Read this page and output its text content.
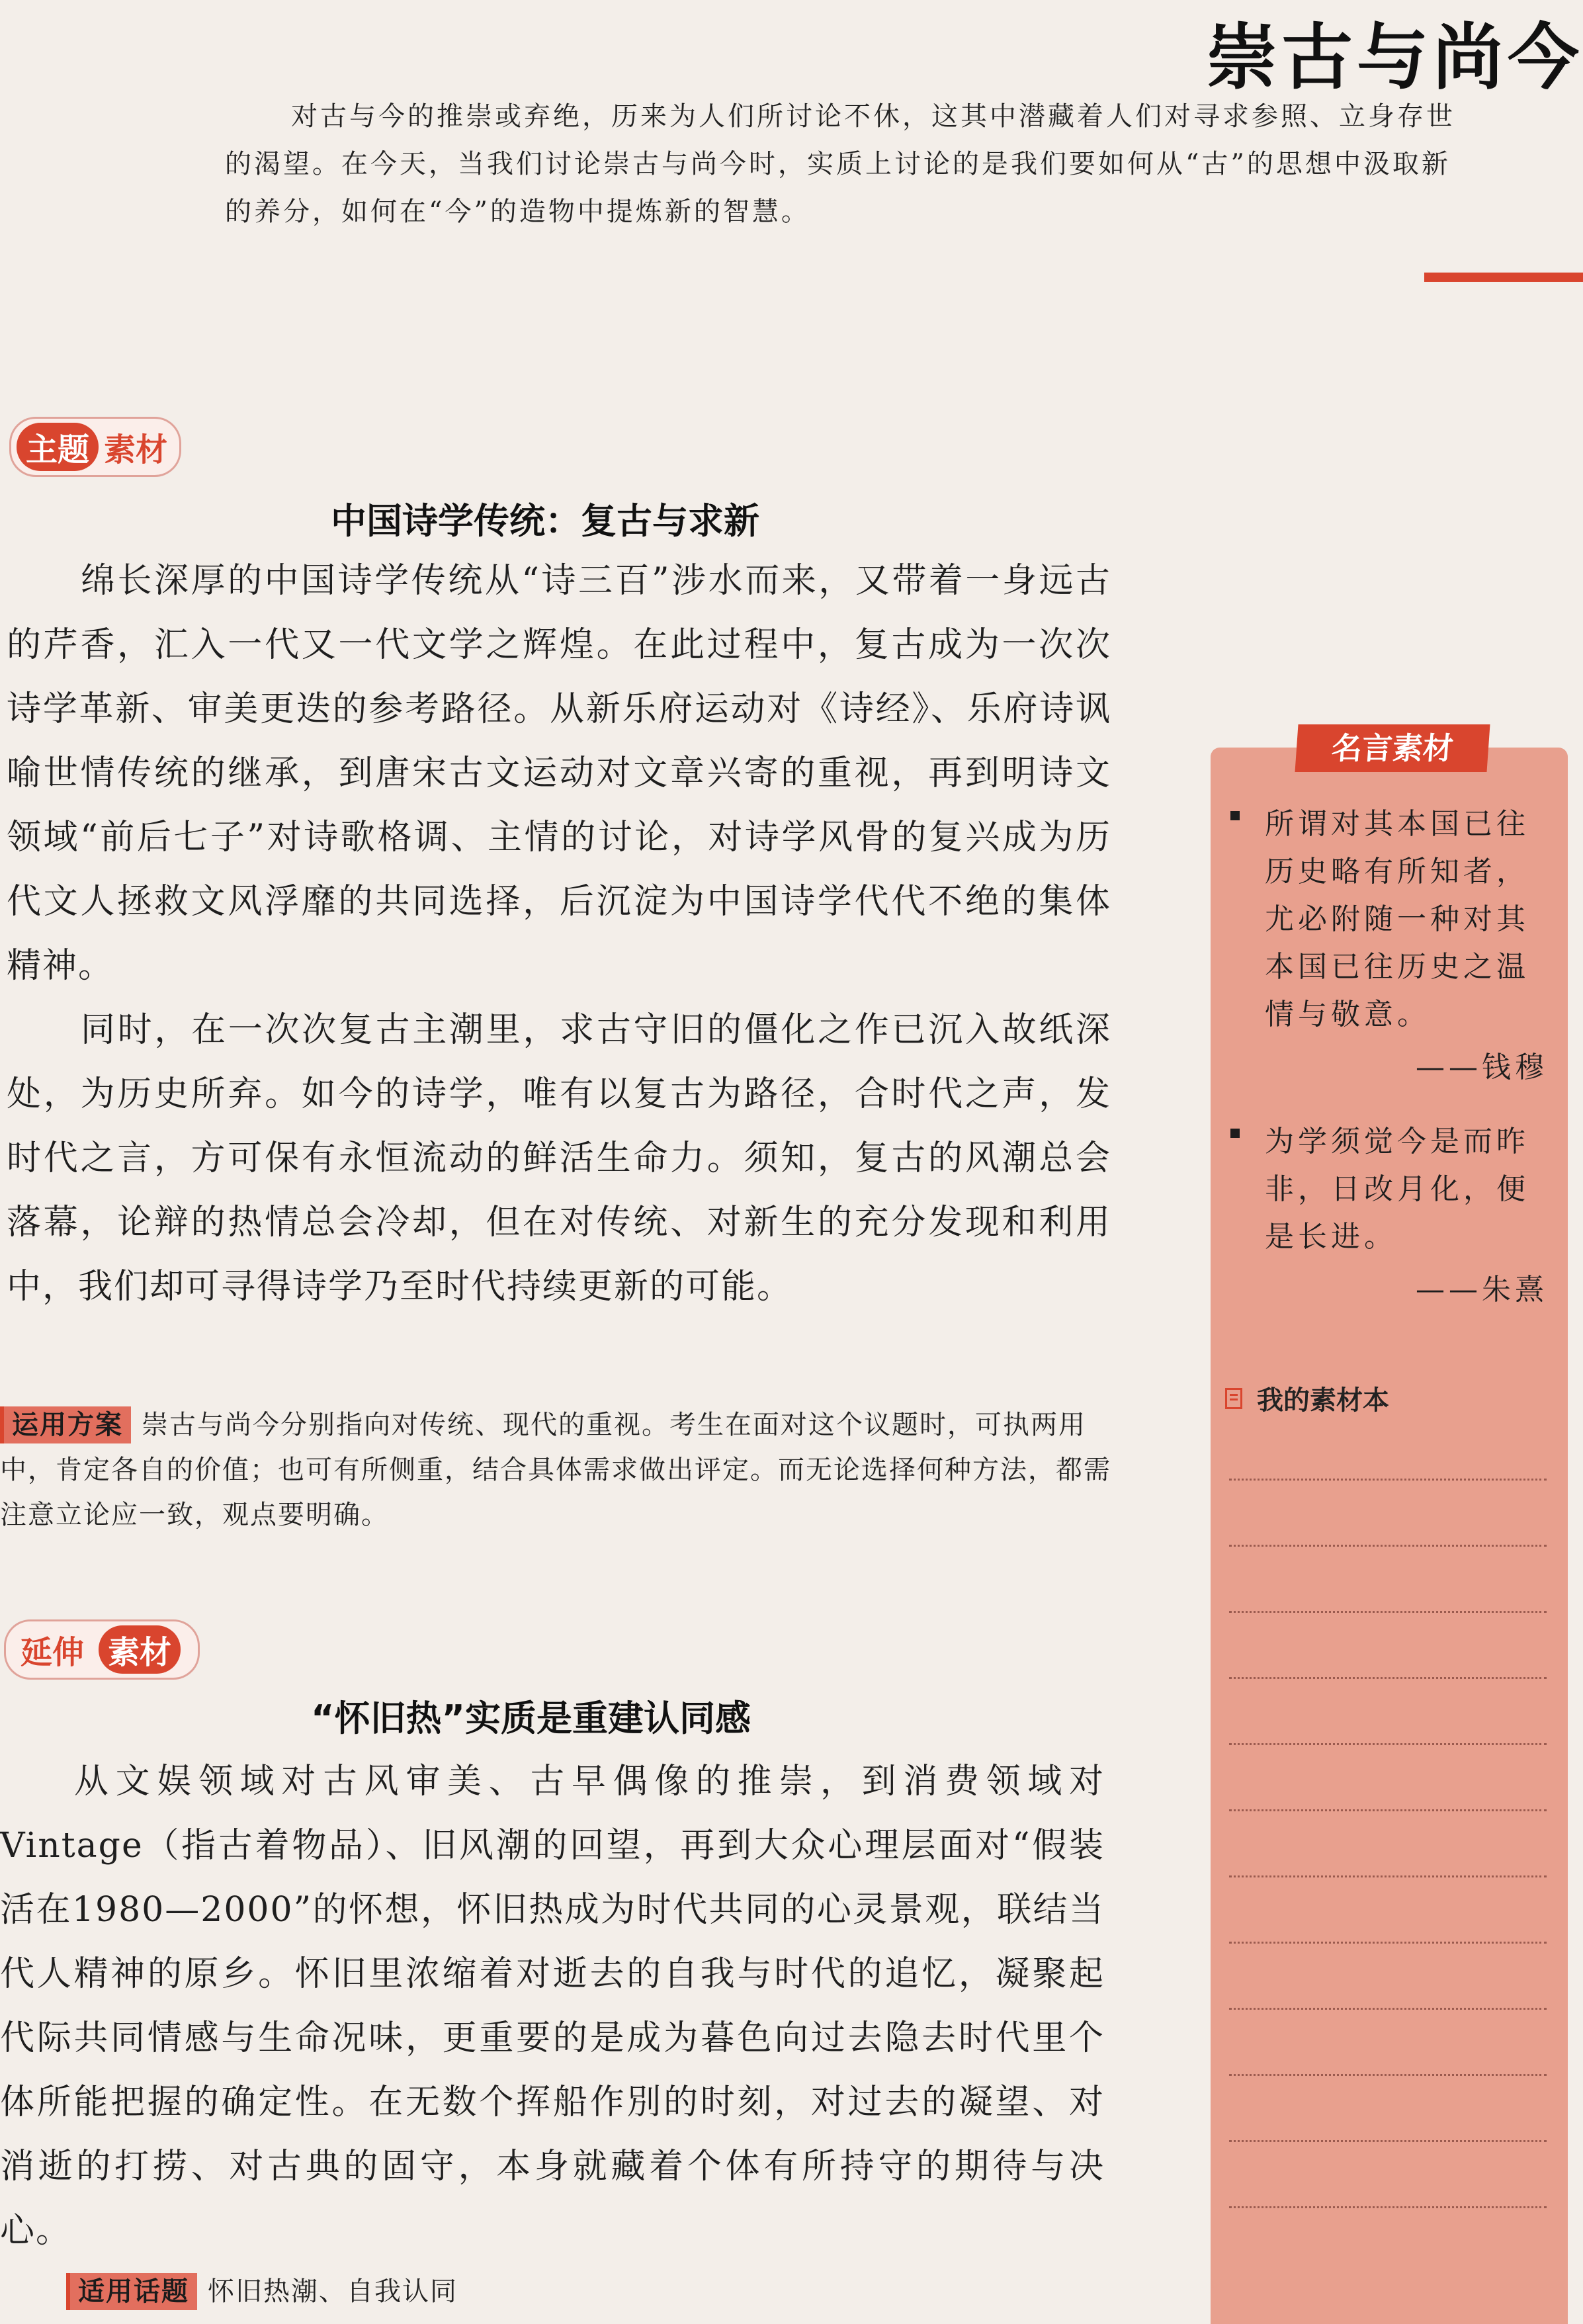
崇古与尚今
对古与今的推崇或弃绝，历来为人们所讨论不休，这其中潜藏着人们对寻求参照、立身存世
的渴望。在今天，当我们讨论崇古与尚今时，实质上讨论的是我们要如何从“古”的思想中汲取新
的养分，如何在“今”的造物中提炼新的智慧。
主题 素材
中国诗学传统：复古与求新

绵长深厚的中国诗学传统从“诗三百”涉水而来，又带着一身远古的芹香，汇入一代又一代文学之辉煌。在此过程中，复古成为一次次诗学革新、审美更迭的参考路径。从新乐府运动对《诗经》、乐府诗讽喻世情传统的继承，到唐宋古文运动对文章兴寄的重视，再到明诗文领域“前后七子”对诗歌格调、主情的讨论，对诗学风骨的复兴成为历代文人拯救文风浮靡的共同选择，后沉淀为中国诗学代代不绝的集体精神。

同时，在一次次复古主潮里，求古守旧的僵化之作已沉入故纸深处，为历史所弃。如今的诗学，唯有以复古为路径，合时代之声，发时代之言，方可保有永恒流动的鲜活生命力。须知，复古的风潮总会落幕，论辩的热情总会冷却，但在对传统、对新生的充分发现和利用中，我们却可寻得诗学乃至时代持续更新的可能。

运用方案 崇古与尚今分别指向对传统、现代的重视。考生在面对这个议题时，可执两用中，肯定各自的价值；也可有所侧重，结合具体需求做出评定。而无论选择何种方法，都需注意立论应一致，观点要明确。
延伸 素材
“怀旧热”实质是重建认同感

从文娱领域对古风审美、古早偶像的推崇，到消费领域对Vintage（指古着物品）、旧风潮的回望，再到大众心理层面对“假装活在1980—2000”的怀想，怀旧热成为时代共同的心灵景观，联结当代人精神的原乡。怀旧里浓缩着对逝去的自我与时代的追忆，凝聚起代际共同情感与生命况味，更重要的是成为暮色向过去隐去时代里个体所能把握的确定性。在无数个挥船作別的时刻，对过去的凝望、对消逝的打捞、对古典的固守，本身就藏着个体有所持守的期待与决心。

适用话题 怀旧热潮、自我认同
名言素材
所谓对其本国已往历史略有所知者，尤必附随一种对其本国已往历史之温情与敬意。
——钱穆
为学须觉今是而昨非，日改月化，便是长进。
——朱熹
我的素材本
